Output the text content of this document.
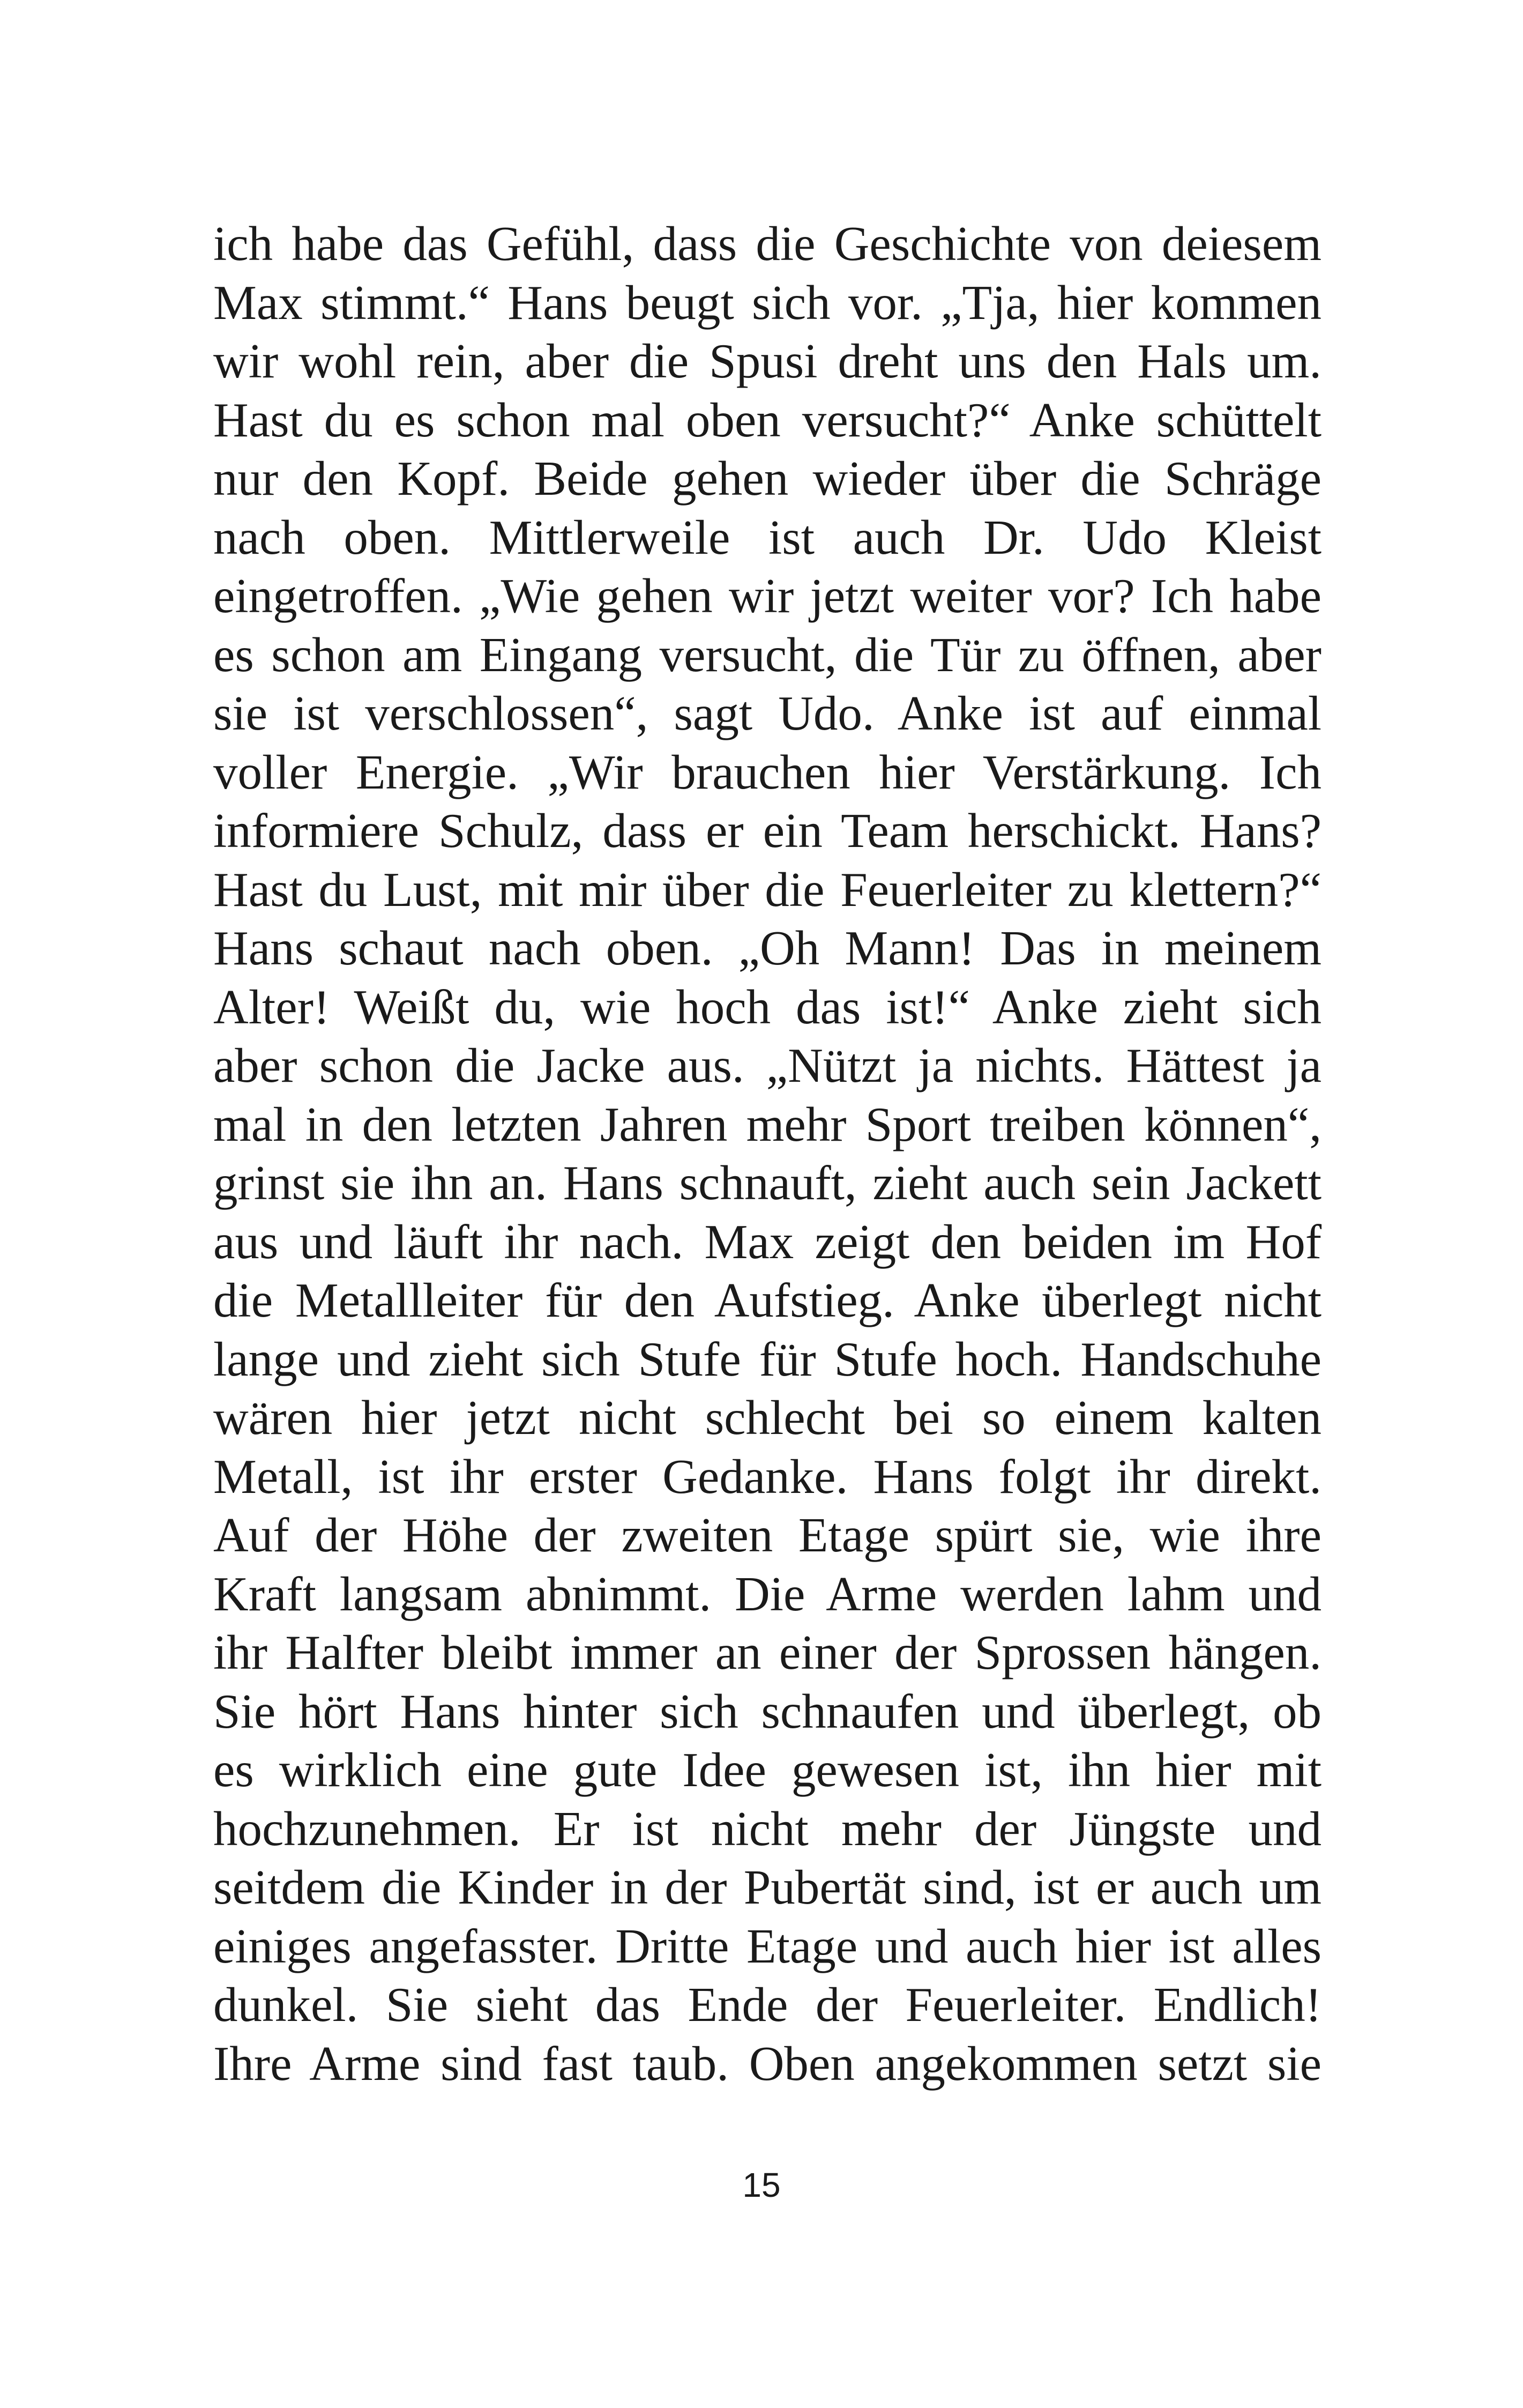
ich habe das Gefühl, dass die Geschichte von deiesem
Max stimmt.“ Hans beugt sich vor. „Tja, hier kommen
wir wohl rein, aber die Spusi dreht uns den Hals um.
Hast du es schon mal oben versucht?“ Anke schüttelt
nur den Kopf. Beide gehen wieder über die Schräge
nach oben. Mittlerweile ist auch Dr. Udo Kleist
eingetroffen. „Wie gehen wir jetzt weiter vor? Ich habe
es schon am Eingang versucht, die Tür zu öffnen, aber
sie ist verschlossen“, sagt Udo. Anke ist auf einmal
voller Energie. „Wir brauchen hier Verstärkung. Ich
informiere Schulz, dass er ein Team herschickt. Hans?
Hast du Lust, mit mir über die Feuerleiter zu klettern?“
Hans schaut nach oben. „Oh Mann! Das in meinem
Alter! Weißt du, wie hoch das ist!“ Anke zieht sich
aber schon die Jacke aus. „Nützt ja nichts. Hättest ja
mal in den letzten Jahren mehr Sport treiben können“,
grinst sie ihn an. Hans schnauft, zieht auch sein Jackett
aus und läuft ihr nach. Max zeigt den beiden im Hof
die Metallleiter für den Aufstieg. Anke überlegt nicht
lange und zieht sich Stufe für Stufe hoch. Handschuhe
wären hier jetzt nicht schlecht bei so einem kalten
Metall, ist ihr erster Gedanke. Hans folgt ihr direkt.
Auf der Höhe der zweiten Etage spürt sie, wie ihre
Kraft langsam abnimmt. Die Arme werden lahm und
ihr Halfter bleibt immer an einer der Sprossen hängen.
Sie hört Hans hinter sich schnaufen und überlegt, ob
es wirklich eine gute Idee gewesen ist, ihn hier mit
hochzunehmen. Er ist nicht mehr der Jüngste und
seitdem die Kinder in der Pubertät sind, ist er auch um
einiges angefasster. Dritte Etage und auch hier ist alles
dunkel. Sie sieht das Ende der Feuerleiter. Endlich!
Ihre Arme sind fast taub. Oben angekommen setzt sie
15
